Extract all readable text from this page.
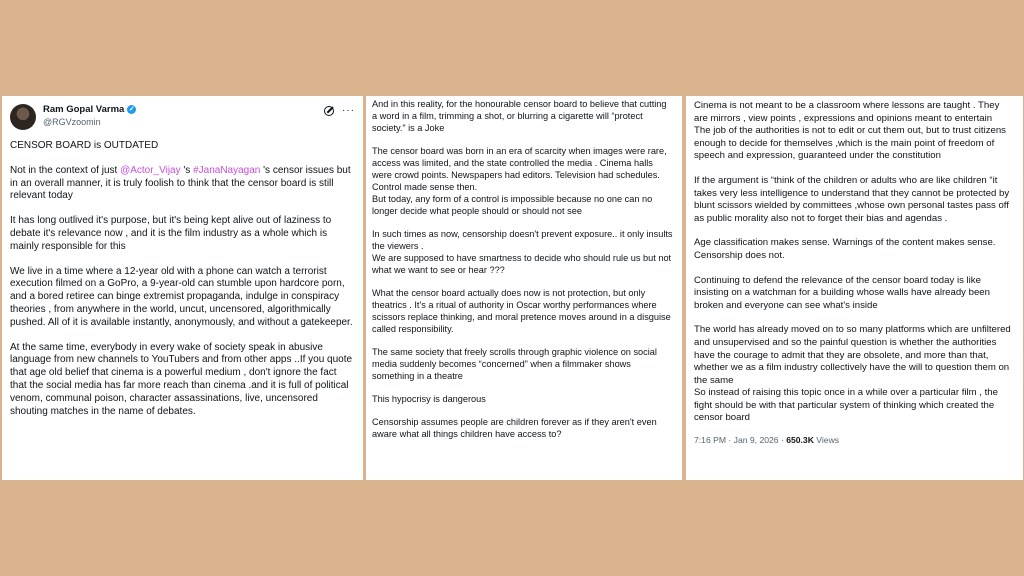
Ram Gopal Varma ✓
@RGVzoomin
···

CENSOR BOARD is OUTDATED

Not in the context of just @Actor_Vijay 's #JanaNayagan 's censor issues but in an overall manner, it is truly foolish to think that the censor board is still relevant today

It has long outlived it's purpose, but it's being kept alive out of laziness to debate it's relevance now , and it is the film industry as a whole which is mainly responsible for this

We live in a time where a 12-year old with a phone can watch a terrorist execution filmed on a GoPro, a 9-year-old can stumble upon hardcore porn, and a bored retiree can binge extremist propaganda, indulge in conspiracy theories , from anywhere in the world, uncut, uncensored, algorithmically pushed. All of it is available instantly, anonymously, and without a gatekeeper.

At the same time, everybody in every wake of society speak in abusive language from new channels to YouTubers and from other apps ..If you quote that age old belief that cinema is a powerful medium , don't ignore the fact that the social media has far more reach than cinema .and it is full of political venom, communal poison, character assassinations, live, uncensored shouting matches in the name of debates.

And in this reality, for the honourable censor board to believe that cutting a word in a film, trimming a shot, or blurring a cigarette will “protect society.” is a Joke

The censor board was born in an era of scarcity when images were rare, access was limited, and the state controlled the media . Cinema halls were crowd points. Newspapers had editors. Television had schedules. Control made sense then.
But today, any form of a control is impossible because no one can no longer decide what people should or should not see

In such times as now, censorship doesn't prevent exposure.. it only insults the viewers .
We are supposed to have smartness to decide who should rule us but not what we want to see or hear ???

What the censor board actually does now is not protection, but only theatrics . It's a ritual of authority in Oscar worthy performances where scissors replace thinking, and moral pretence moves around in a disguise called responsibility.

The same society that freely scrolls through graphic violence on social media suddenly becomes “concerned” when a filmmaker shows something in a theatre

This hypocrisy is dangerous

Censorship assumes people are children forever as if they aren't even aware what all things children have access to?

Cinema is not meant to be a classroom where lessons are taught . They are mirrors , view points , expressions and opinions meant to entertain
The job of the authorities is not to edit or cut them out, but to trust citizens enough to decide for themselves ,which is the main point of freedom of speech and expression, guaranteed under the constitution

If the argument is “think of the children or adults who are like children “it takes very less intelligence to understand that they cannot be protected by blunt scissors wielded by committees ,whose own personal tastes pass off as public morality also not to forget their bias and agendas .

Age classification makes sense. Warnings of the content makes sense. Censorship does not.

Continuing to defend the relevance of the censor board today is like insisting on a watchman for a building whose walls have already been broken and everyone can see what's inside

The world has already moved on to so many platforms which are unfiltered and unsupervised and so the painful question is whether the authorities have the courage to admit that they are obsolete, and more than that, whether we as a film industry collectively have the will to question them on the same
So instead of raising this topic once in a while over a particular film , the fight should be with that particular system of thinking which created the censor board

7:16 PM · Jan 9, 2026 · 650.3K Views
